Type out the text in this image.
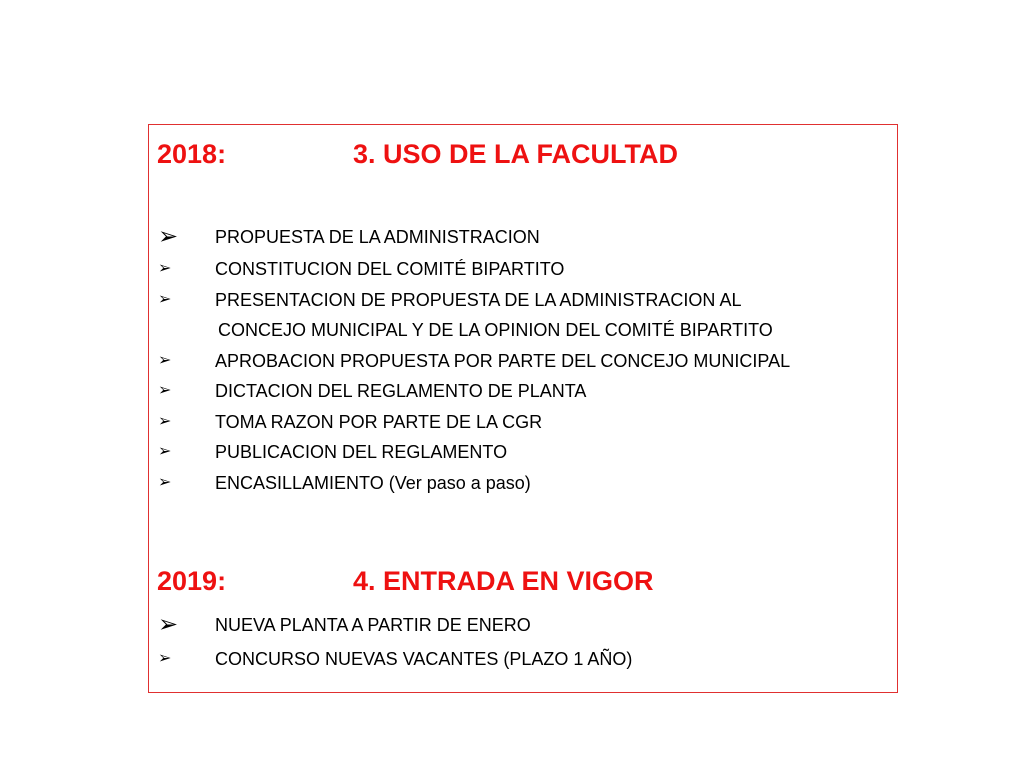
2018:	3. USO DE LA FACULTAD
➢ PROPUESTA DE LA ADMINISTRACION
➢ CONSTITUCION DEL COMITÉ BIPARTITO
➢ PRESENTACION DE PROPUESTA DE LA ADMINISTRACION AL
CONCEJO MUNICIPAL Y DE LA OPINION DEL COMITÉ BIPARTITO
➢ APROBACION PROPUESTA POR PARTE DEL CONCEJO MUNICIPAL
➢ DICTACION DEL REGLAMENTO DE PLANTA
➢ TOMA RAZON POR PARTE DE LA CGR
➢ PUBLICACION DEL REGLAMENTO
➢ ENCASILLAMIENTO (Ver paso a paso)
2019:	4. ENTRADA EN VIGOR
➢ NUEVA PLANTA A PARTIR DE ENERO
➢ CONCURSO NUEVAS VACANTES (PLAZO 1 AÑO)
